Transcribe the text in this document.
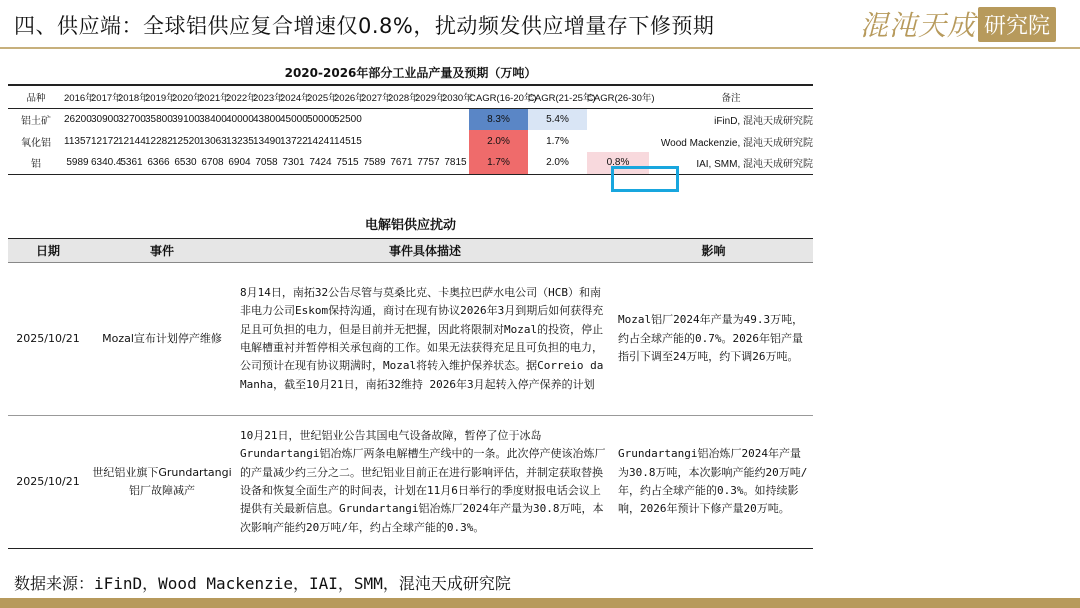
四、供应端：全球铝供应复合增速仅0.8%，扰动频发供应增量存下修预期	混沌天成 研究院
2020-2026年部分工业品产量及预期（万吨）
品种	2016年	2017年	2018年	2019年	2020年	2021年	2022年	2023年	2024年	2025年	2026年	2027年	2028年	2029年	2030年	CAGR(16-20年)	CAGR(21-25年)	CAGR(26-30年)	备注
铝土矿	26200	30900	32700	35800	39100	38400	40000	43800	45000	50000	52500					8.3%	5.4%		iFinD, 混沌天成研究院
氧化铝	11357	12172	12144	12282	12520	13063	13235	13490	13722	14241	14515					2.0%	1.7%		Wood Mackenzie, 混沌天成研究院
铝	5989	6340.4	5361	6366	6530	6708	6904	7058	7301	7424	7515	7589	7671	7757	7815	1.7%	2.0%	0.8%	IAI, SMM, 混沌天成研究院
电解铝供应扰动
日期	事件	事件具体描述	影响
2025/10/21	Mozal宣布计划停产维修	8月14日，南拓32公告尽管与莫桑比克、卡奥拉巴萨水电公司（HCB）和南非电力公司Eskom保持沟通，商讨在现有协议2026年3月到期后如何获得充足且可负担的电力，但是目前并无把握，因此将限制对Mozal的投资，停止电解槽重衬并暂停相关承包商的工作。如果无法获得充足且可负担的电力，公司预计在现有协议期满时，Mozal将转入维护保养状态。据Correio da Manha，截至10月21日，南拓32维持 2026年3月起转入停产保养的计划	Mozal铝厂2024年产量为49.3万吨，约占全球产能的0.7%。2026年铝产量指引下调至24万吨，约下调26万吨。
2025/10/21	世纪铝业旗下Grundartangi铝厂故障减产	10月21日，世纪铝业公告其国电气设备故障，暂停了位于冰岛Grundartangi铝冶炼厂两条电解槽生产线中的一条。此次停产使该冶炼厂的产量减少约三分之二。世纪铝业目前正在进行影响评估，并制定获取替换设备和恢复全面生产的时间表，计划在11月6日举行的季度财报电话会议上提供有关最新信息。Grundartangi铝冶炼厂2024年产量为30.8万吨，本次影响产能约20万吨/年，约占全球产能的0.3%。	Grundartangi铝冶炼厂2024年产量为30.8万吨，本次影响产能约20万吨/年，约占全球产能的0.3%。如持续影响，2026年预计下修产量20万吨。
数据来源：iFinD，Wood Mackenzie，IAI，SMM，混沌天成研究院
